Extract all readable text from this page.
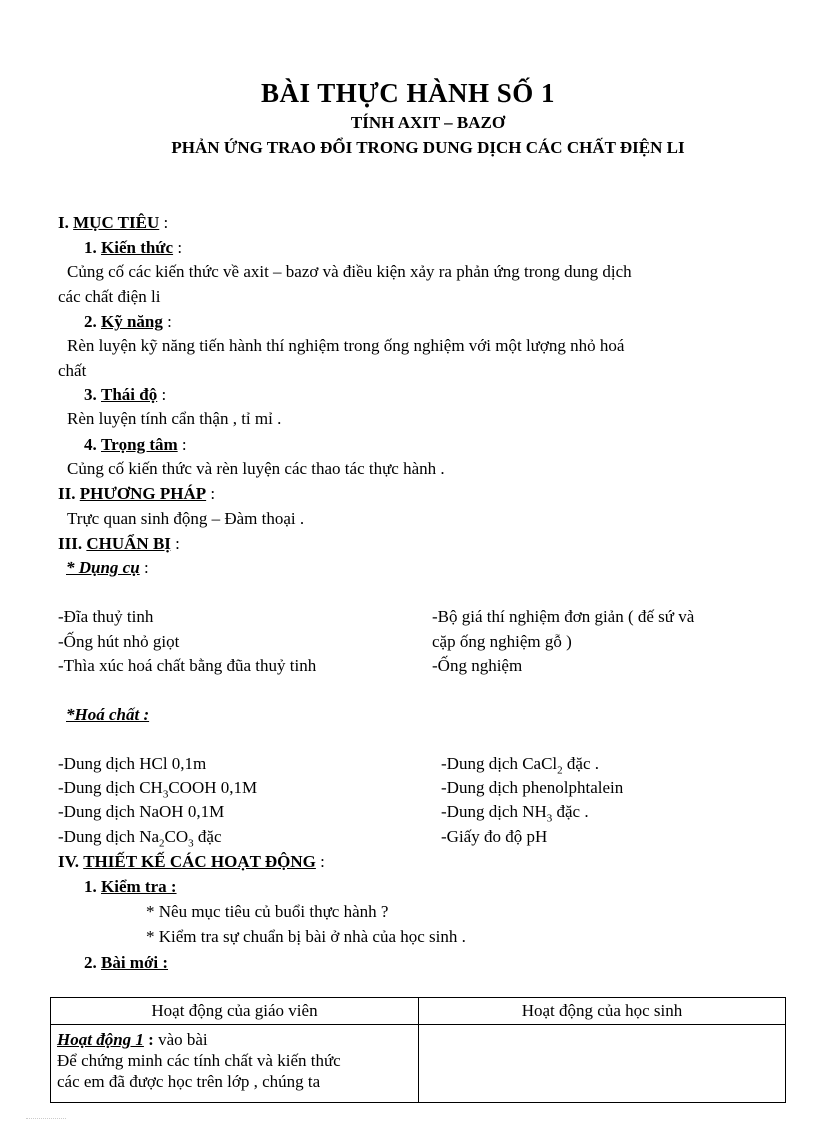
BÀI THỰC HÀNH SỐ 1
TÍNH AXIT – BAZƠ
PHẢN ỨNG TRAO ĐỔI TRONG DUNG DỊCH CÁC CHẤT ĐIỆN LI
I. MỤC TIÊU :
1. Kiến thức :
Củng cố các kiến thức về axit – bazơ và điều kiện xảy ra phản ứng trong dung dịch
các chất điện li
2. Kỹ năng :
Rèn luyện kỹ năng tiến hành thí nghiệm trong ống nghiệm với một lượng nhỏ hoá
chất
3. Thái độ :
Rèn luyện tính cẩn thận , tỉ mỉ .
4. Trọng tâm :
Củng cố kiến thức và rèn luyện các thao tác thực hành .
II. PHƯƠNG PHÁP :
Trực quan sinh động – Đàm thoại .
III. CHUẨN BỊ :
* Dụng cụ :
-Đĩa thuỷ tinh
-Ống hút nhỏ giọt
-Thìa xúc hoá chất bằng đũa thuỷ tinh
-Bộ giá thí nghiệm đơn giản ( đế sứ và
cặp ống nghiệm gỗ )
-Ống nghiệm
*Hoá chất :
-Dung dịch HCl 0,1m
-Dung dịch $CH_3COOH$ 0,1M
-Dung dịch NaOH 0,1M
-Dung dịch $Na_2CO_3$ đặc
-Dung dịch CaCl$_2$ đặc .
-Dung dịch phenolphtalein
-Dung dịch $NH_3$ đặc .
-Giấy đo độ pH
IV. THIẾT KẾ CÁC HOẠT ĐỘNG :
1. Kiểm tra :
* Nêu mục tiêu củ buổi thực hành ?
* Kiểm tra sự chuẩn bị bài ở nhà của học sinh .
2. Bài mới :
Hoạt động của giáo viên	Hoạt động của học sinh

Hoạt động 1 : vào bài
Để chứng minh các tính chất và kiến thức
các em đã được học trên lớp , chúng ta	
